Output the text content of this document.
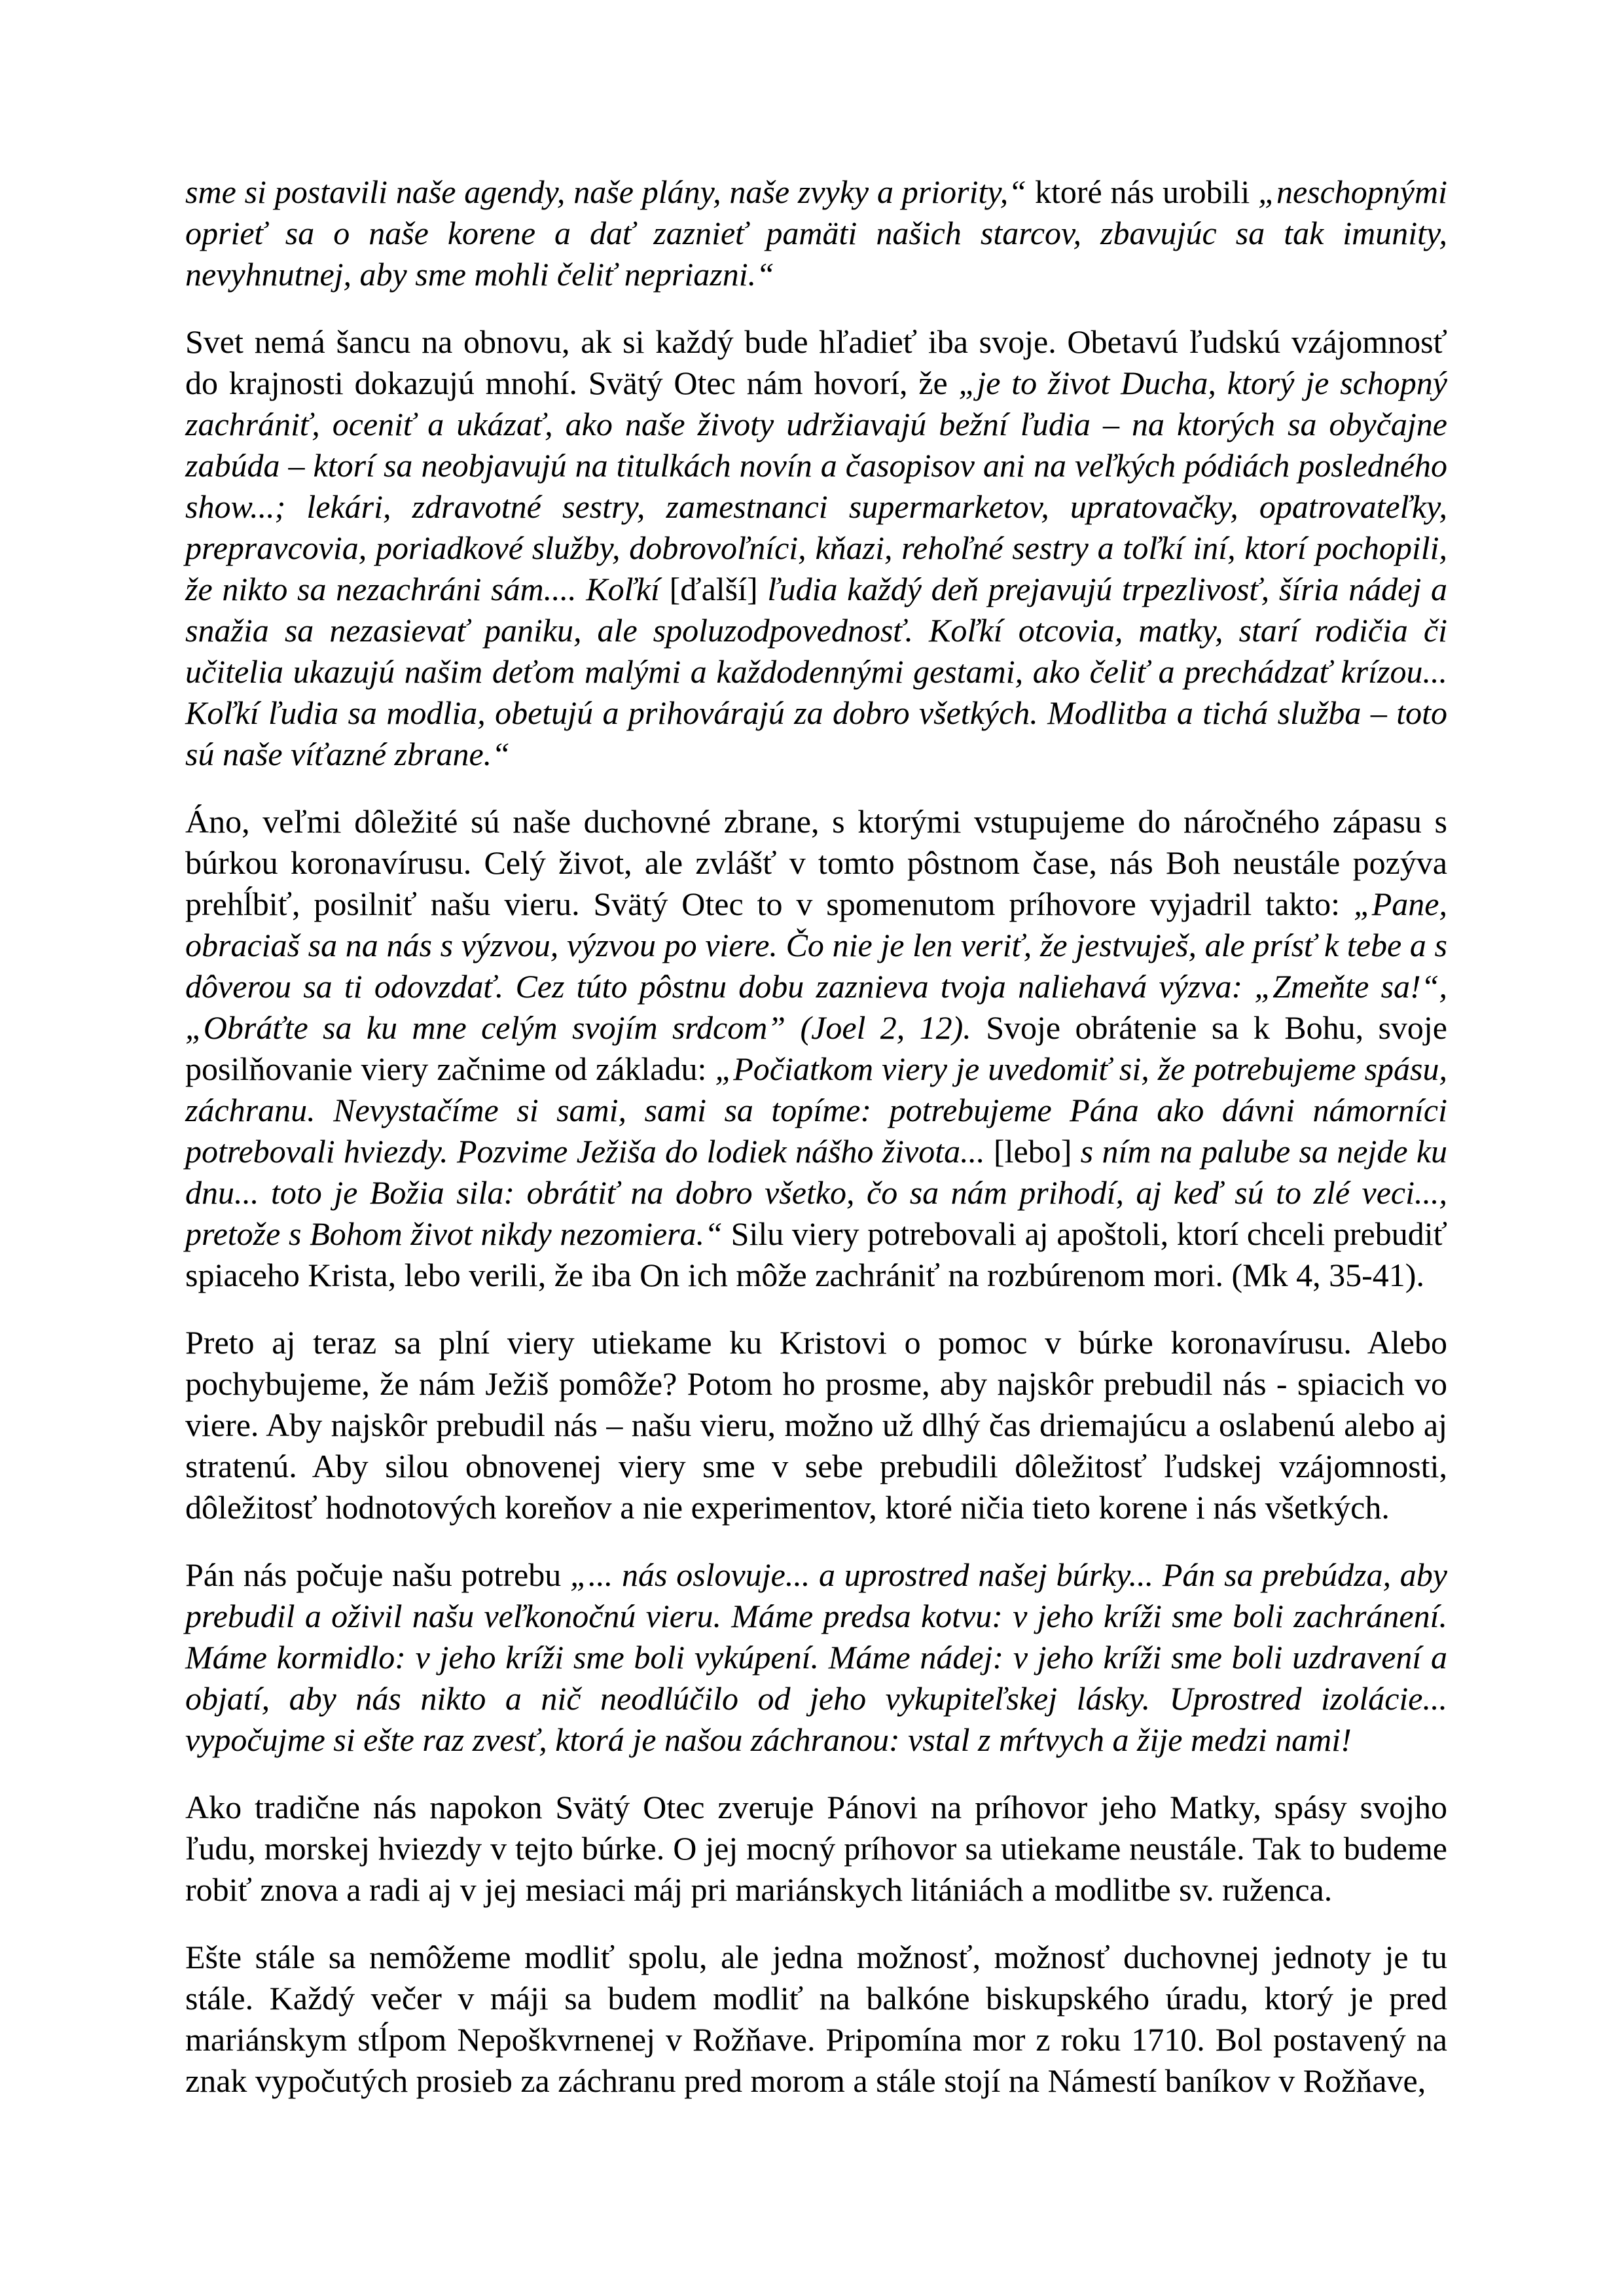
sme si postavili naše agendy, naše plány, naše zvyky a priority,“ ktoré nás urobili „neschopnými oprieť sa o naše korene a dať zaznieť pamäti našich starcov, zbavujúc sa tak imunity, nevyhnutnej, aby sme mohli čeliť nepriazni.“

Svet nemá šancu na obnovu, ak si každý bude hľadieť iba svoje. Obetavú ľudskú vzájomnosť do krajnosti dokazujú mnohí. Svätý Otec nám hovorí, že „je to život Ducha, ktorý je schopný zachrániť, oceniť a ukázať, ako naše životy udržiavajú bežní ľudia – na ktorých sa obyčajne zabúda – ktorí sa neobjavujú na titulkách novín a časopisov ani na veľkých pódiách posledného show...; lekári, zdravotné sestry, zamestnanci supermarketov, upratovačky, opatrovateľky, prepravcovia, poriadkové služby, dobrovoľníci, kňazi, rehoľné sestry a toľkí iní, ktorí pochopili, že nikto sa nezachráni sám.... Koľkí [ďalší] ľudia každý deň prejavujú trpezlivosť, šíria nádej a snažia sa nezasievať paniku, ale spoluzodpovednosť. Koľkí otcovia, matky, starí rodičia či učitelia ukazujú našim deťom malými a každodennými gestami, ako čeliť a prechádzať krízou... Koľkí ľudia sa modlia, obetujú a prihovárajú za dobro všetkých. Modlitba a tichá služba – toto sú naše víťazné zbrane.“

Áno, veľmi dôležité sú naše duchovné zbrane, s ktorými vstupujeme do náročného zápasu s búrkou koronavírusu. Celý život, ale zvlášť v tomto pôstnom čase, nás Boh neustále pozýva prehĺbiť, posilniť našu vieru. Svätý Otec to v spomenutom príhovore vyjadril takto: „Pane, obraciaš sa na nás s výzvou, výzvou po viere. Čo nie je len veriť, že jestvuješ, ale prísť k tebe a s dôverou sa ti odovzdať. Cez túto pôstnu dobu zaznieva tvoja naliehavá výzva: „Zmeňte sa!“, „Obráťte sa ku mne celým svojím srdcom” (Joel 2, 12). Svoje obrátenie sa k Bohu, svoje posilňovanie viery začnime od základu: „Počiatkom viery je uvedomiť si, že potrebujeme spásu, záchranu. Nevystačíme si sami, sami sa topíme: potrebujeme Pána ako dávni námorníci potrebovali hviezdy. Pozvime Ježiša do lodiek nášho života... [lebo] s ním na palube sa nejde ku dnu... toto je Božia sila: obrátiť na dobro všetko, čo sa nám prihodí, aj keď sú to zlé veci..., pretože s Bohom život nikdy nezomiera.“ Silu viery potrebovali aj apoštoli, ktorí chceli prebudiť spiaceho Krista, lebo verili, že iba On ich môže zachrániť na rozbúrenom mori. (Mk 4, 35-41).

Preto aj teraz sa plní viery utiekame ku Kristovi o pomoc v búrke koronavírusu. Alebo pochybujeme, že nám Ježiš pomôže? Potom ho prosme, aby najskôr prebudil nás - spiacich vo viere. Aby najskôr prebudil nás – našu vieru, možno už dlhý čas driemajúcu a oslabenú alebo aj stratenú. Aby silou obnovenej viery sme v sebe prebudili dôležitosť ľudskej vzájomnosti, dôležitosť hodnotových koreňov a nie experimentov, ktoré ničia tieto korene i nás všetkých.

Pán nás počuje našu potrebu „... nás oslovuje... a uprostred našej búrky... Pán sa prebúdza, aby prebudil a oživil našu veľkonočnú vieru. Máme predsa kotvu: v jeho kríži sme boli zachránení. Máme kormidlo: v jeho kríži sme boli vykúpení. Máme nádej: v jeho kríži sme boli uzdravení a objatí, aby nás nikto a nič neodlúčilo od jeho vykupiteľskej lásky. Uprostred izolácie... vypočujme si ešte raz zvesť, ktorá je našou záchranou: vstal z mŕtvych a žije medzi nami!

Ako tradične nás napokon Svätý Otec zveruje Pánovi na príhovor jeho Matky, spásy svojho ľudu, morskej hviezdy v tejto búrke. O jej mocný príhovor sa utiekame neustále. Tak to budeme robiť znova a radi aj v jej mesiaci máj pri mariánskych litániách a modlitbe sv. ruženca.

Ešte stále sa nemôžeme modliť spolu, ale jedna možnosť, možnosť duchovnej jednoty je tu stále. Každý večer v máji sa budem modliť na balkóne biskupského úradu, ktorý je pred mariánskym stĺpom Nepoškvrnenej v Rožňave. Pripomína mor z roku 1710. Bol postavený na znak vypočutých prosieb za záchranu pred morom a stále stojí na Námestí baníkov v Rožňave,
